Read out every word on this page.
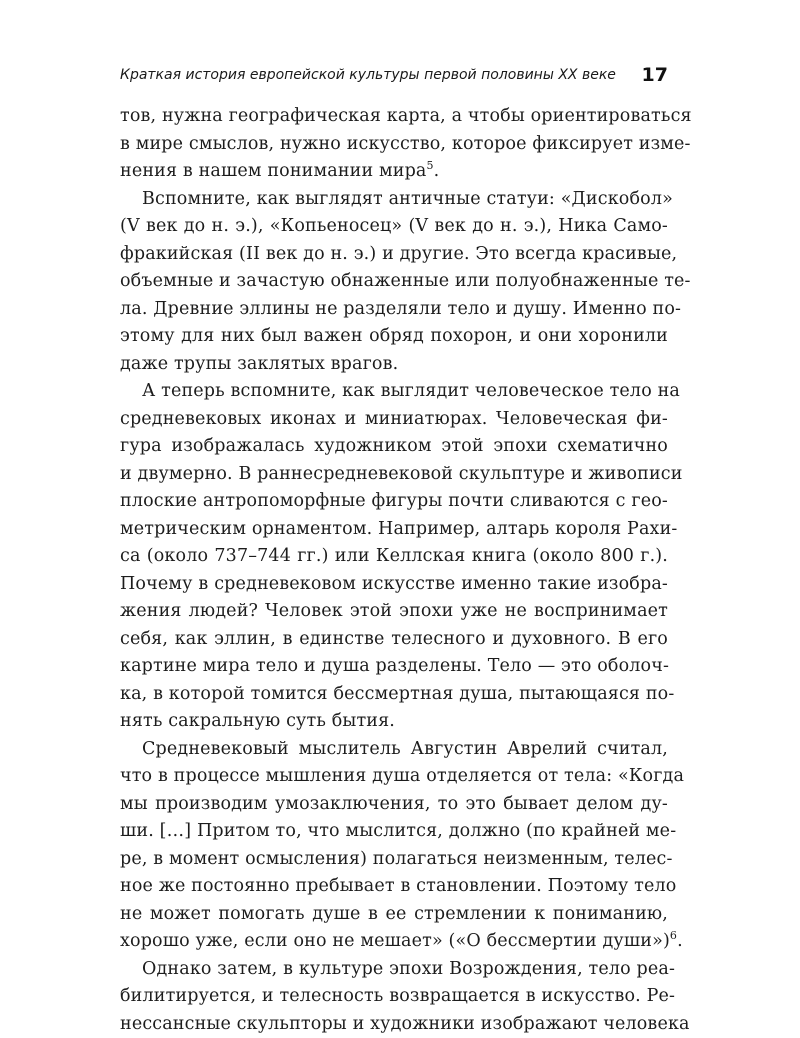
Краткая история европейской культуры первой половины XX веке 17
тов, нужна географическая карта, а чтобы ориентироваться
в мире смыслов, нужно искусство, которое фиксирует изме-
нения в нашем понимании мира$^5$.
Вспомните, как выглядят античные статуи: «Дискобол»
(V век до н. э.), «Копьеносец» (V век до н. э.), Ника Само-
фракийская (II век до н. э.) и другие. Это всегда красивые,
объемные и зачастую обнаженные или полуобнаженные те-
ла. Древние эллины не разделяли тело и душу. Именно по-
этому для них был важен обряд похорон, и они хоронили
даже трупы заклятых врагов.
А теперь вспомните, как выглядит человеческое тело на
средневековых иконах и миниатюрах. Человеческая фи-
гура изображалась художником этой эпохи схематично
и двумерно. В раннесредневековой скульптуре и живописи
плоские антропоморфные фигуры почти сливаются с гео-
метрическим орнаментом. Например, алтарь короля Рахи-
са (около 737–744 гг.) или Келлская книга (около 800 г.).
Почему в средневековом искусстве именно такие изобра-
жения людей? Человек этой эпохи уже не воспринимает
себя, как эллин, в единстве телесного и духовного. В его
картине мира тело и душа разделены. Тело — это оболоч-
ка, в которой томится бессмертная душа, пытающаяся по-
нять сакральную суть бытия.
Средневековый мыслитель Августин Аврелий считал,
что в процессе мышления душа отделяется от тела: «Когда
мы производим умозаключения, то это бывает делом ду-
ши. […] Притом то, что мыслится, должно (по крайней ме-
ре, в момент осмысления) полагаться неизменным, телес-
ное же постоянно пребывает в становлении. Поэтому тело
не может помогать душе в ее стремлении к пониманию,
хорошо уже, если оно не мешает» («О бессмертии души»)$^6$.
Однако затем, в культуре эпохи Возрождения, тело реа-
билитируется, и телесность возвращается в искусство. Ре-
нессансные скульпторы и художники изображают человека
